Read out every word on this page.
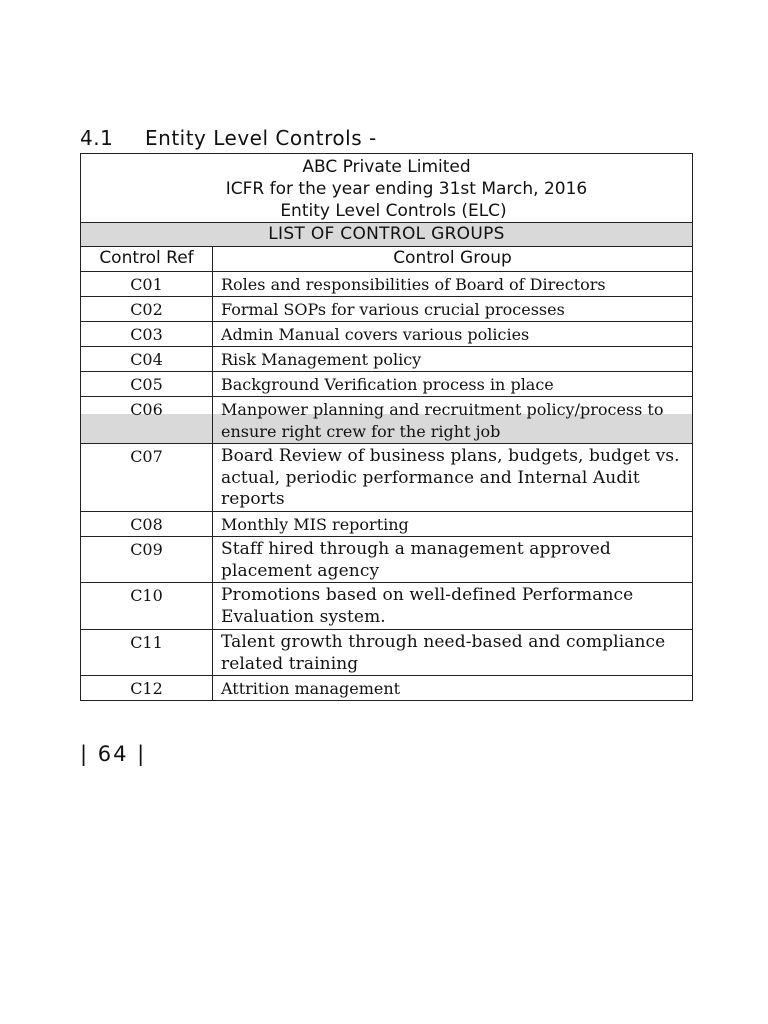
4.1 Entity Level Controls -
ABC Private Limited
ICFR for the year ending 31st March, 2016
Entity Level Controls (ELC)	

LIST OF CONTROL GROUPS	
Control Ref	Control Group
C01	Roles and responsibilities of Board of Directors
C02	Formal SOPs for various crucial processes
C03	Admin Manual covers various policies
C04	Risk Management policy
C05	Background Verification process in place
C06	Manpower planning and recruitment policy/process to ensure right crew for the right job
C07	Board Review of business plans, budgets, budget vs. actual, periodic performance and Internal Audit reports
C08	Monthly MIS reporting
C09	Staff hired through a management approved placement agency
C10	Promotions based on well-defined Performance Evaluation system.
C11	Talent growth through need-based and compliance related training
C12	Attrition management
| 64 |
